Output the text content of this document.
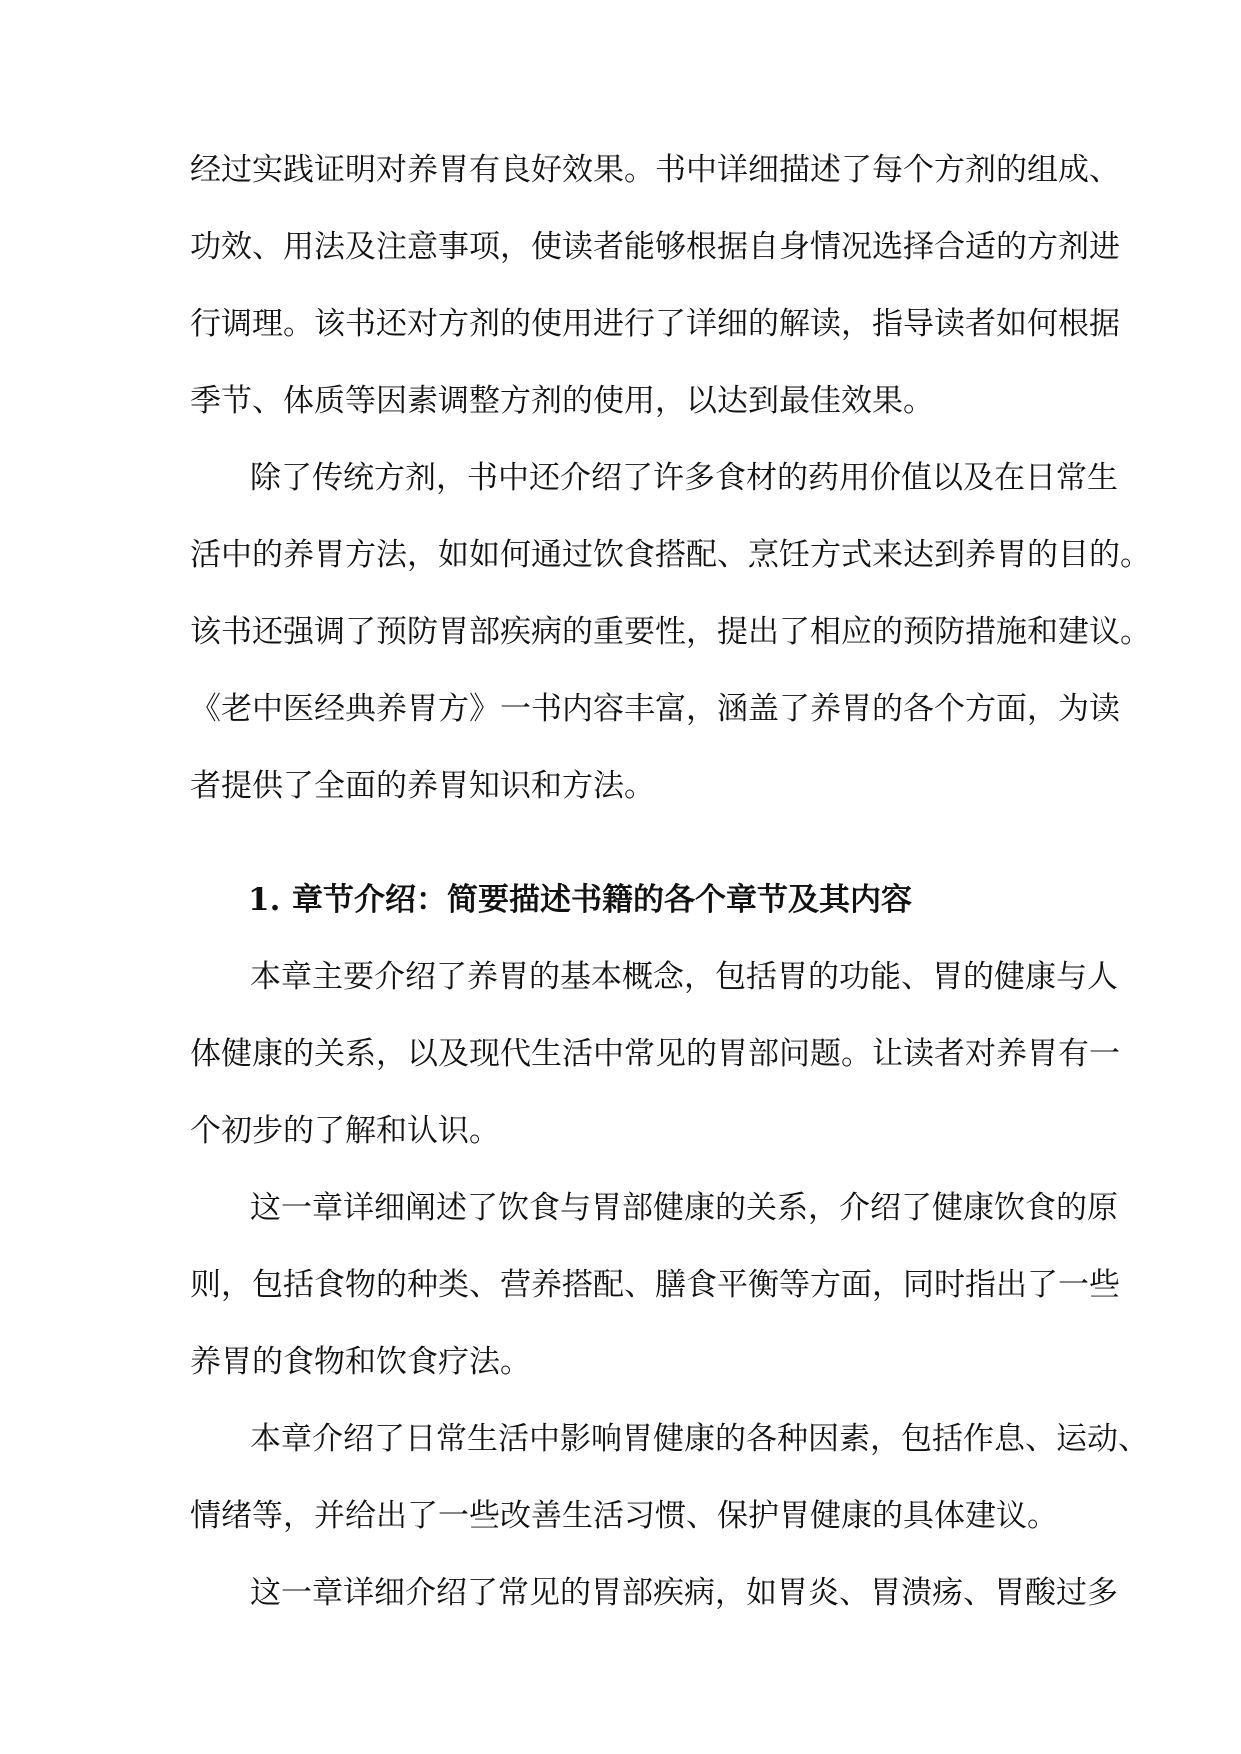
经过实践证明对养胃有良好效果。书中详细描述了每个方剂的组成、
功效、用法及注意事项，使读者能够根据自身情况选择合适的方剂进
行调理。该书还对方剂的使用进行了详细的解读，指导读者如何根据
季节、体质等因素调整方剂的使用，以达到最佳效果。

除了传统方剂，书中还介绍了许多食材的药用价值以及在日常生
活中的养胃方法，如如何通过饮食搭配、烹饪方式来达到养胃的目的。
该书还强调了预防胃部疾病的重要性，提出了相应的预防措施和建议。
《老中医经典养胃方》一书内容丰富，涵盖了养胃的各个方面，为读
者提供了全面的养胃知识和方法。

1. 章节介绍：简要描述书籍的各个章节及其内容

本章主要介绍了养胃的基本概念，包括胃的功能、胃的健康与人
体健康的关系，以及现代生活中常见的胃部问题。让读者对养胃有一
个初步的了解和认识。

这一章详细阐述了饮食与胃部健康的关系，介绍了健康饮食的原
则，包括食物的种类、营养搭配、膳食平衡等方面，同时指出了一些
养胃的食物和饮食疗法。

本章介绍了日常生活中影响胃健康的各种因素，包括作息、运动、
情绪等，并给出了一些改善生活习惯、保护胃健康的具体建议。

这一章详细介绍了常见的胃部疾病，如胃炎、胃溃疡、胃酸过多
